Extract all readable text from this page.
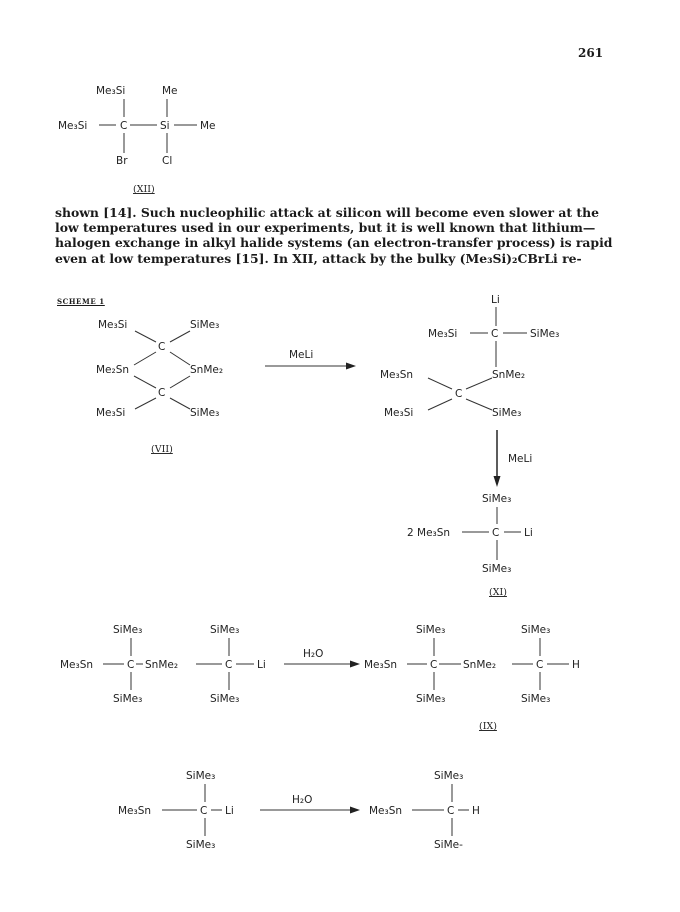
261

shown [14]. Such nucleophilic attack at silicon will become even slower at the
low temperatures used in our experiments, but it is well known that lithium—
halogen exchange in alkyl halide systems (an electron-transfer process) is rapid
even at low temperatures [15]. In XII, attack by the bulky (Me₃Si)₂CBrLi re-

SCHEME 1
Me₃Si	Me
Me₃Si	C	Si	Me
Br	Cl
(XII)
Me₃Si	SiMe₃
C
Me₂Sn	SnMe₂
C
Me₃Si	SiMe₃
(VII)
MeLi
Li
Me₃Si	C	SiMe₃
Me₃Sn	SnMe₂
C
Me₃Si	SiMe₃
MeLi
SiMe₃
2 Me₃Sn	C Li
SiMe₃
(XI)
SiMe₃	SiMe₃
Me₃Sn	C SnMe₂	C Li
SiMe₃	SiMe₃
H₂O
SiMe₃	SiMe₃
Me₃Sn	C SnMe₂	C	H
SiMe₃	SiMe₃
(IX)
SiMe₃
Me₃Sn	C Li
SiMe₃
H₂O
SiMe₃
Me₃Sn	C H
SiMe-
